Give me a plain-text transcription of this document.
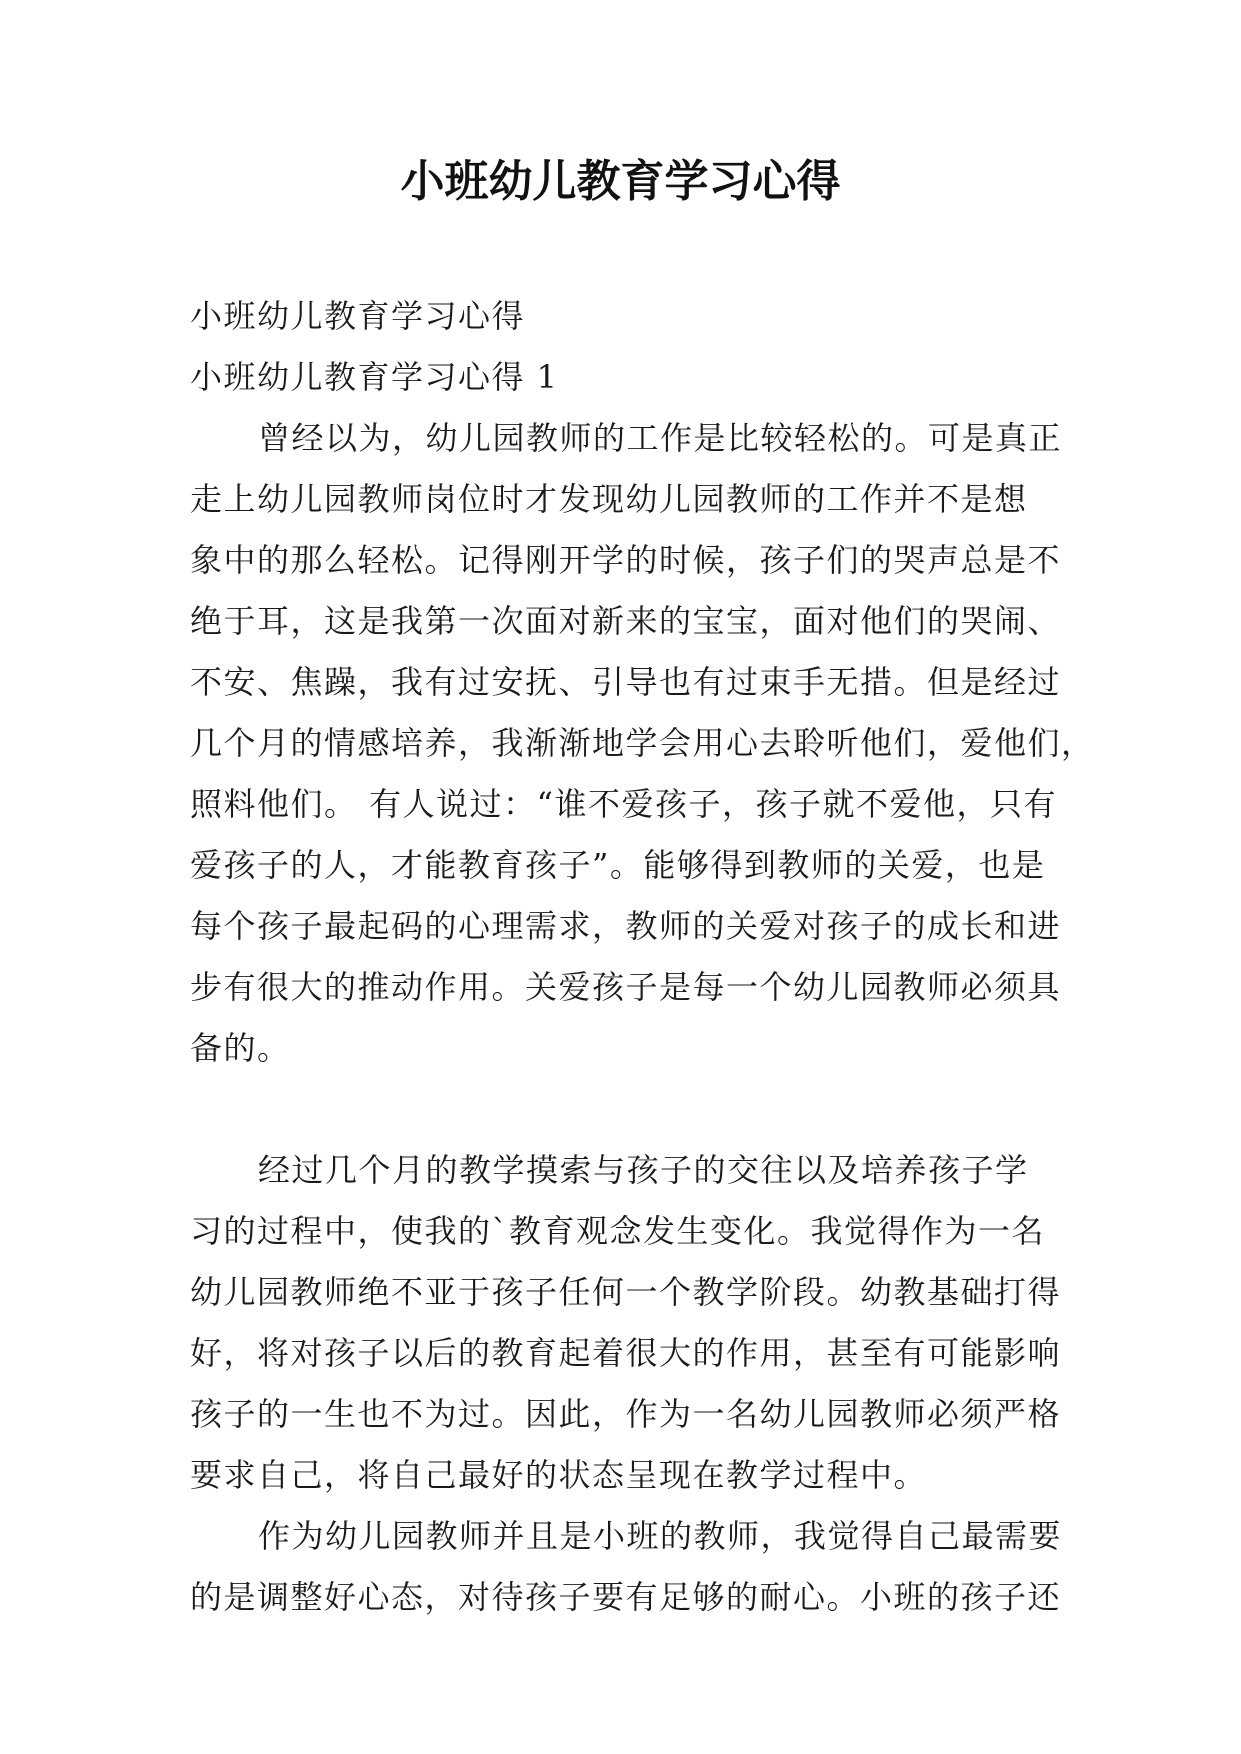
小班幼儿教育学习心得
小班幼儿教育学习心得
小班幼儿教育学习心得 1
曾经以为，幼儿园教师的工作是比较轻松的。可是真正
走上幼儿园教师岗位时才发现幼儿园教师的工作并不是想
象中的那么轻松。记得刚开学的时候，孩子们的哭声总是不
绝于耳，这是我第一次面对新来的宝宝，面对他们的哭闹、
不安、焦躁，我有过安抚、引导也有过束手无措。但是经过
几个月的情感培养，我渐渐地学会用心去聆听他们，爱他们，
照料他们。 有人说过：“谁不爱孩子，孩子就不爱他，只有
爱孩子的人，才能教育孩子”。能够得到教师的关爱，也是
每个孩子最起码的心理需求，教师的关爱对孩子的成长和进
步有很大的推动作用。关爱孩子是每一个幼儿园教师必须具
备的。
经过几个月的教学摸索与孩子的交往以及培养孩子学
习的过程中，使我的`教育观念发生变化。我觉得作为一名
幼儿园教师绝不亚于孩子任何一个教学阶段。幼教基础打得
好，将对孩子以后的教育起着很大的作用，甚至有可能影响
孩子的一生也不为过。因此，作为一名幼儿园教师必须严格
要求自己，将自己最好的状态呈现在教学过程中。
作为幼儿园教师并且是小班的教师，我觉得自己最需要
的是调整好心态，对待孩子要有足够的耐心。小班的孩子还
